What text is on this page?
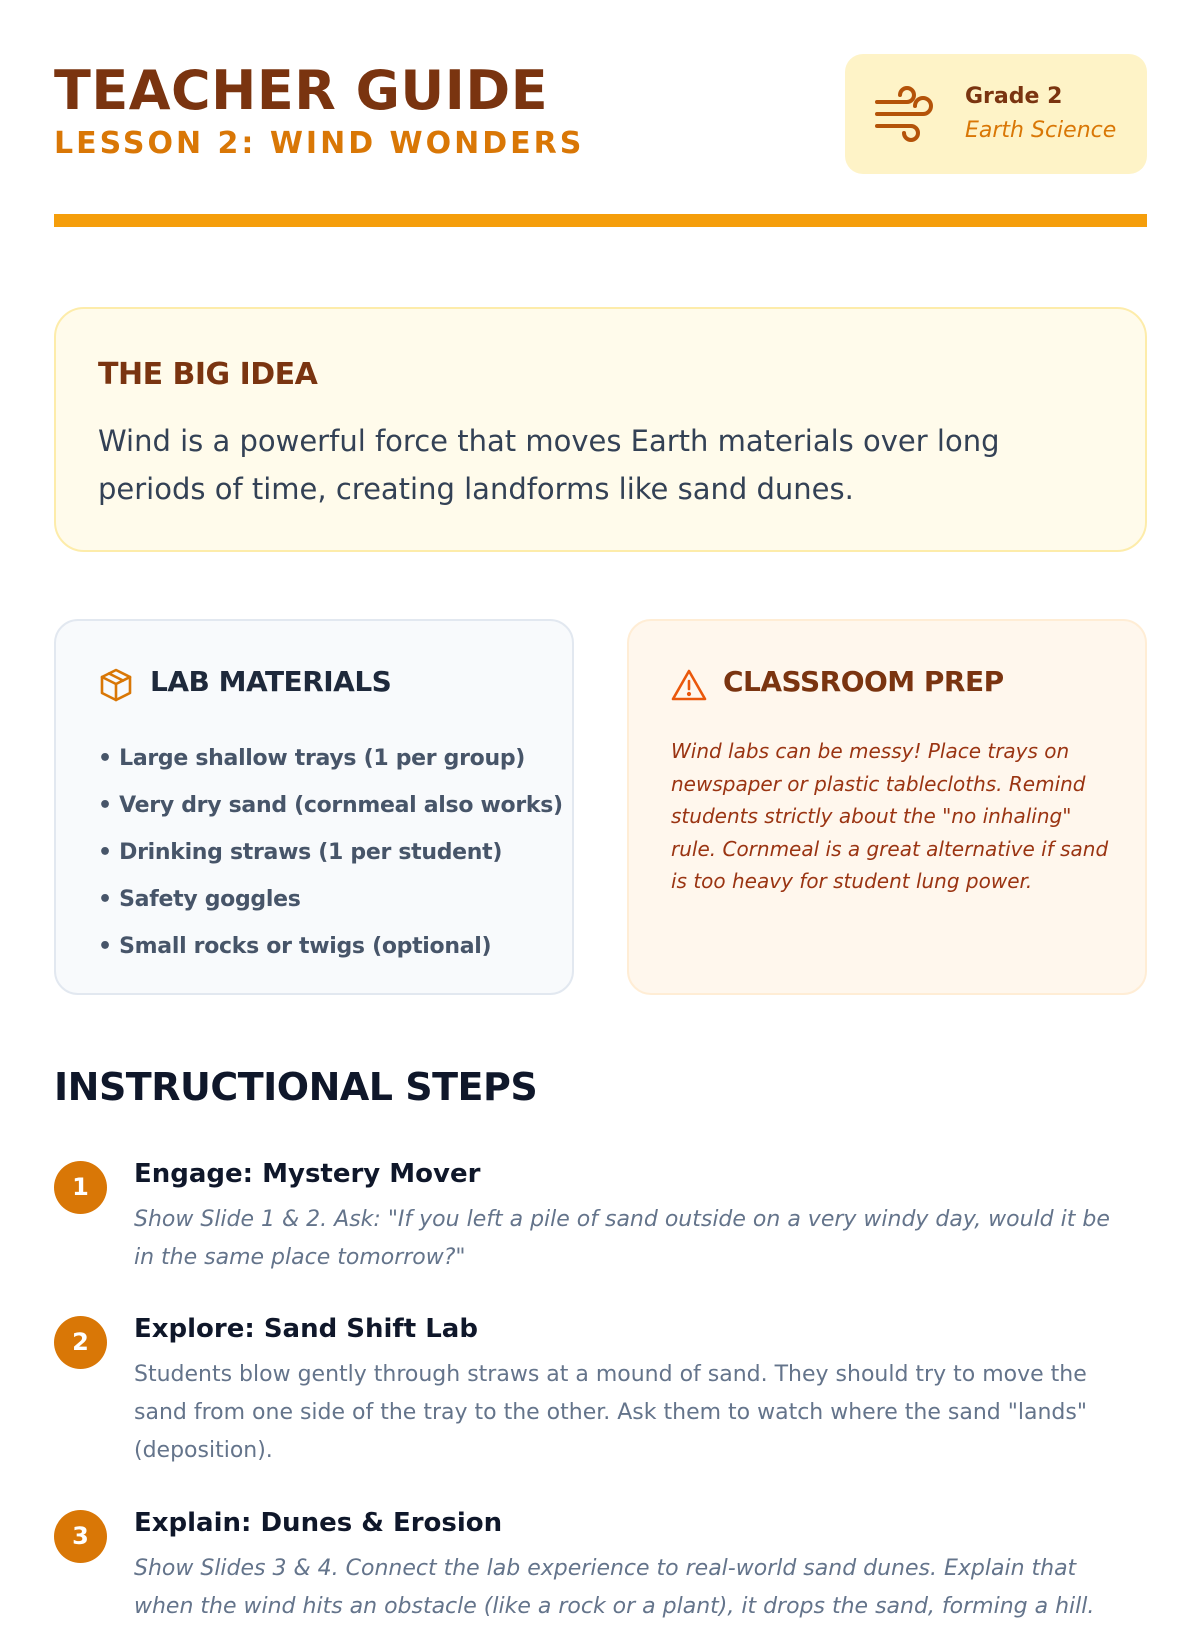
TEACHER GUIDE
LESSON 2: WIND WONDERS
Grade 2
Earth Science
THE BIG IDEA

Wind is a powerful force that moves Earth materials over long periods of time, creating landforms like sand dunes.

LAB MATERIALS
• Large shallow trays (1 per group)
• Very dry sand (cornmeal also works)
• Drinking straws (1 per student)
• Safety goggles
• Small rocks or twigs (optional)
CLASSROOM PREP

Wind labs can be messy! Place trays on newspaper or plastic tablecloths. Remind students strictly about the "no inhaling" rule. Cornmeal is a great alternative if sand is too heavy for student lung power.

INSTRUCTIONAL STEPS
1	Engage: Mystery Mover
Show Slide 1 & 2. Ask: "If you left a pile of sand outside on a very windy day, would it be in the same place tomorrow?"
2	Explore: Sand Shift Lab
Students blow gently through straws at a mound of sand. They should try to move the sand from one side of the tray to the other. Ask them to watch where the sand "lands" (deposition).
3	Explain: Dunes & Erosion
Show Slides 3 & 4. Connect the lab experience to real-world sand dunes. Explain that when the wind hits an obstacle (like a rock or a plant), it drops the sand, forming a hill.
